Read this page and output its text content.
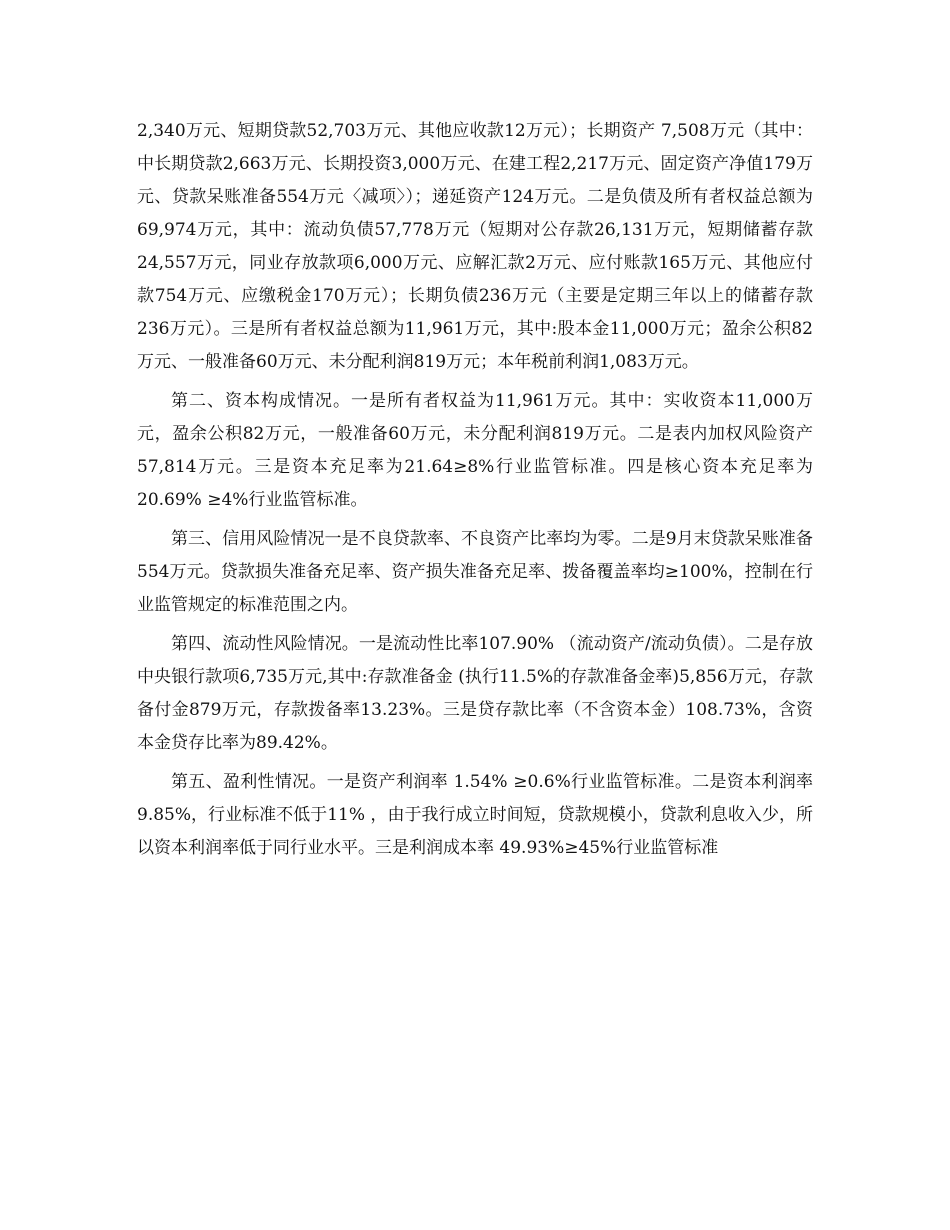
2,340万元、短期贷款52,703万元、其他应收款12万元）；长期资产 7,508万元（其中：中长期贷款2,663万元、长期投资3,000万元、在建工程2,217万元、固定资产净值179万元、贷款呆账准备554万元〈减项〉）；递延资产124万元。二是负债及所有者权益总额为69,974万元，其中：流动负债57,778万元（短期对公存款26,131万元，短期储蓄存款24,557万元，同业存放款项6,000万元、应解汇款2万元、应付账款165万元、其他应付款754万元、应缴税金170万元）；长期负债236万元（主要是定期三年以上的储蓄存款236万元）。三是所有者权益总额为11,961万元，其中:股本金11,000万元；盈余公积82万元、一般准备60万元、未分配利润819万元；本年税前利润1,083万元。

第二、资本构成情况。一是所有者权益为11,961万元。其中：实收资本11,000万元，盈余公积82万元，一般准备60万元，未分配利润819万元。二是表内加权风险资产57,814万元。三是资本充足率为21.64≥8%行业监管标准。四是核心资本充足率为20.69% ≥4%行业监管标准。

第三、信用风险情况一是不良贷款率、不良资产比率均为零。二是9月末贷款呆账准备554万元。贷款损失准备充足率、资产损失准备充足率、拨备覆盖率均≥100%，控制在行业监管规定的标准范围之内。

第四、流动性风险情况。一是流动性比率107.90% （流动资产/流动负债）。二是存放中央银行款项6,735万元,其中:存款准备金 (执行11.5%的存款准备金率)5,856万元，存款备付金879万元，存款拨备率13.23%。三是贷存款比率（不含资本金）108.73%，含资本金贷存比率为89.42%。

第五、盈利性情况。一是资产利润率 1.54% ≥0.6%行业监管标准。二是资本利润率 9.85%，行业标准不低于11% ，由于我行成立时间短，贷款规模小，贷款利息收入少，所以资本利润率低于同行业水平。三是利润成本率 49.93%≥45%行业监管标准
